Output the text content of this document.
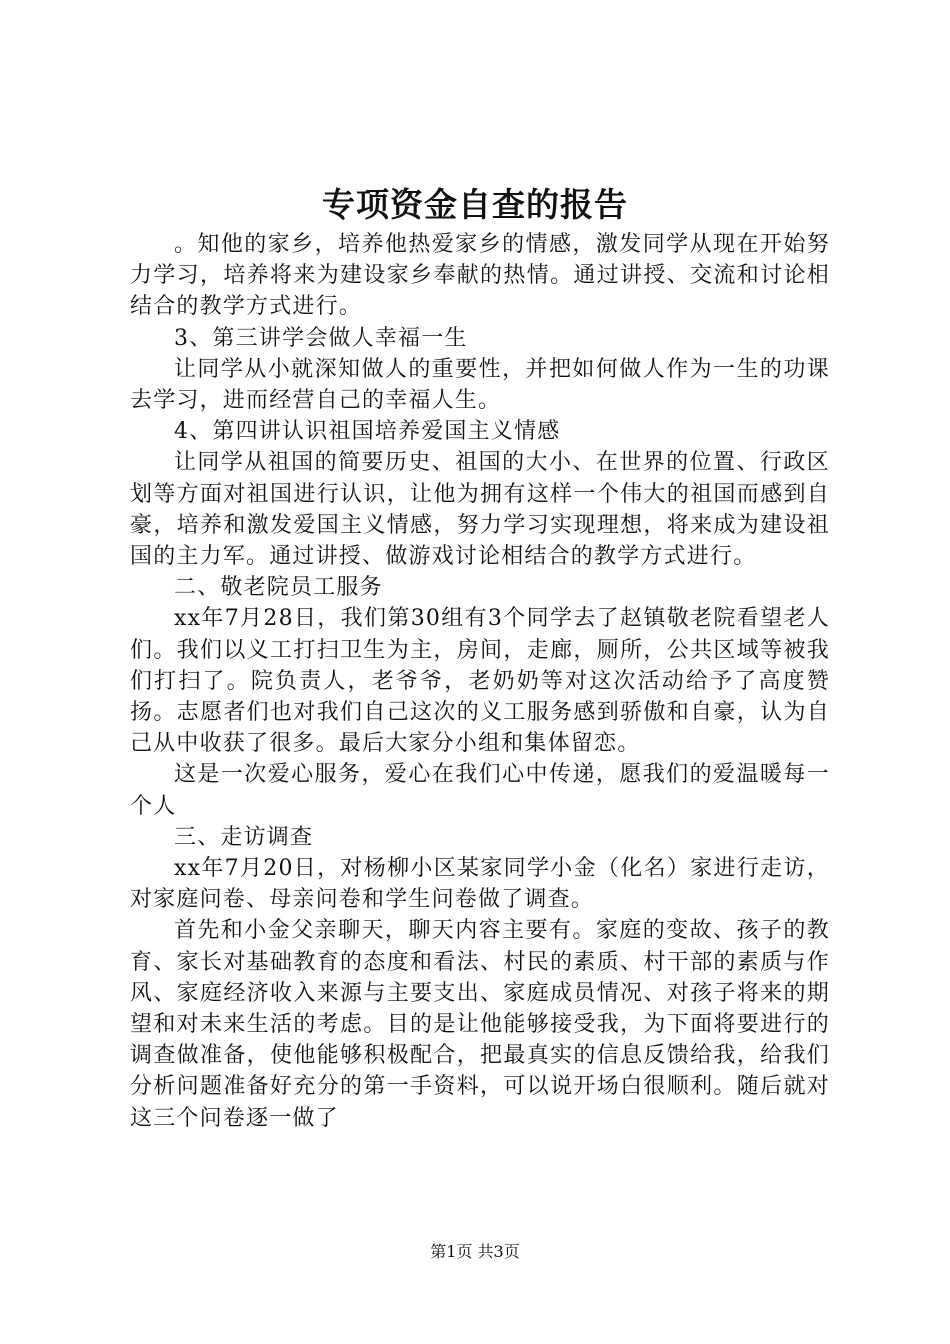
专项资金自查的报告

。知他的家乡，培养他热爱家乡的情感，激发同学从现在开始努力学习，培养将来为建设家乡奉献的热情。通过讲授、交流和讨论相结合的教学方式进行。

3、第三讲学会做人幸福一生

让同学从小就深知做人的重要性，并把如何做人作为一生的功课去学习，进而经营自己的幸福人生。

4、第四讲认识祖国培养爱国主义情感

让同学从祖国的简要历史、祖国的大小、在世界的位置、行政区划等方面对祖国进行认识，让他为拥有这样一个伟大的祖国而感到自豪，培养和激发爱国主义情感，努力学习实现理想，将来成为建设祖国的主力军。通过讲授、做游戏讨论相结合的教学方式进行。

二、敬老院员工服务

xx年7月28日，我们第30组有3个同学去了赵镇敬老院看望老人们。我们以义工打扫卫生为主，房间，走廊，厕所，公共区域等被我们打扫了。院负责人，老爷爷，老奶奶等对这次活动给予了高度赞扬。志愿者们也对我们自己这次的义工服务感到骄傲和自豪，认为自己从中收获了很多。最后大家分小组和集体留恋。

这是一次爱心服务，爱心在我们心中传递，愿我们的爱温暖每一个人

三、走访调查

xx年7月20日，对杨柳小区某家同学小金（化名）家进行走访，对家庭问卷、母亲问卷和学生问卷做了调查。

首先和小金父亲聊天，聊天内容主要有。家庭的变故、孩子的教育、家长对基础教育的态度和看法、村民的素质、村干部的素质与作风、家庭经济收入来源与主要支出、家庭成员情况、对孩子将来的期望和对未来生活的考虑。目的是让他能够接受我，为下面将要进行的调查做准备，使他能够积极配合，把最真实的信息反馈给我，给我们分析问题准备好充分的第一手资料，可以说开场白很顺利。随后就对这三个问卷逐一做了

第1页 共3页
